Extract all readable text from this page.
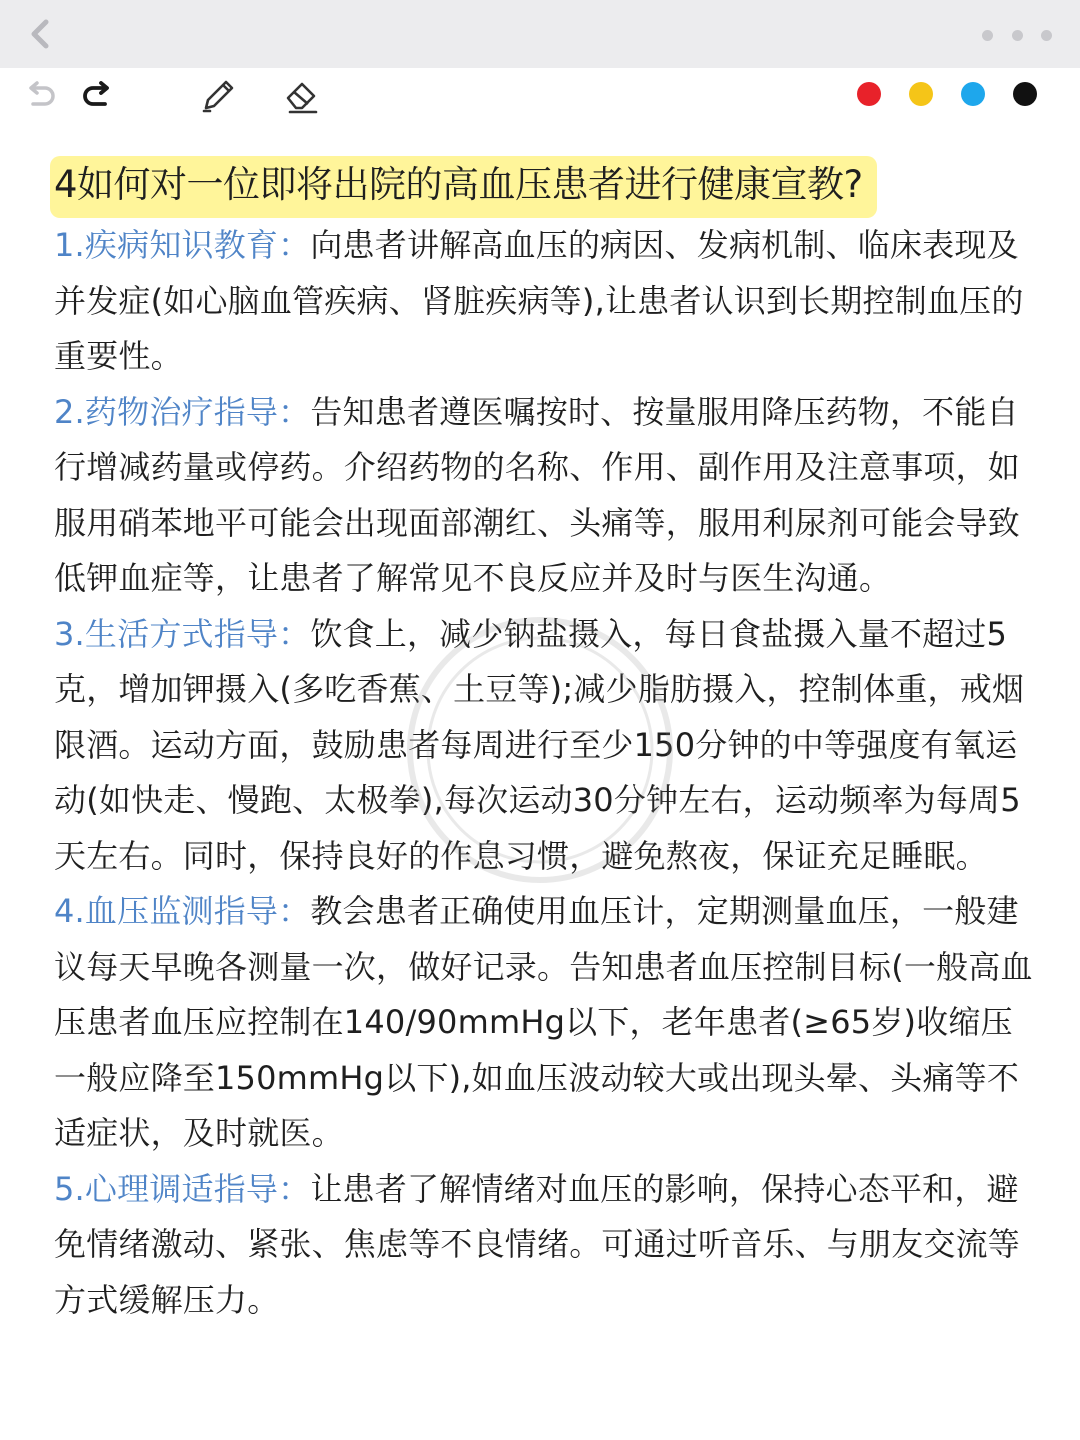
4如何对一位即将出院的高血压患者进行健康宣教?

1.疾病知识教育：向患者讲解高血压的病因、发病机制、临床表现及并发症(如心脑血管疾病、肾脏疾病等),让患者认识到长期控制血压的重要性。

2.药物治疗指导：告知患者遵医嘱按时、按量服用降压药物，不能自行增减药量或停药。介绍药物的名称、作用、副作用及注意事项，如服用硝苯地平可能会出现面部潮红、头痛等，服用利尿剂可能会导致低钾血症等，让患者了解常见不良反应并及时与医生沟通。

3.生活方式指导：饮食上，减少钠盐摄入，每日食盐摄入量不超过5克，增加钾摄入(多吃香蕉、土豆等);减少脂肪摄入，控制体重，戒烟限酒。运动方面，鼓励患者每周进行至少150分钟的中等强度有氧运动(如快走、慢跑、太极拳),每次运动30分钟左右，运动频率为每周5天左右。同时，保持良好的作息习惯，避免熬夜，保证充足睡眠。

4.血压监测指导：教会患者正确使用血压计，定期测量血压，一般建议每天早晚各测量一次，做好记录。告知患者血压控制目标(一般高血压患者血压应控制在140/90mmHg以下，老年患者(≥65岁)收缩压一般应降至150mmHg以下),如血压波动较大或出现头晕、头痛等不适症状，及时就医。

5.心理调适指导：让患者了解情绪对血压的影响，保持心态平和，避免情绪激动、紧张、焦虑等不良情绪。可通过听音乐、与朋友交流等方式缓解压力。
